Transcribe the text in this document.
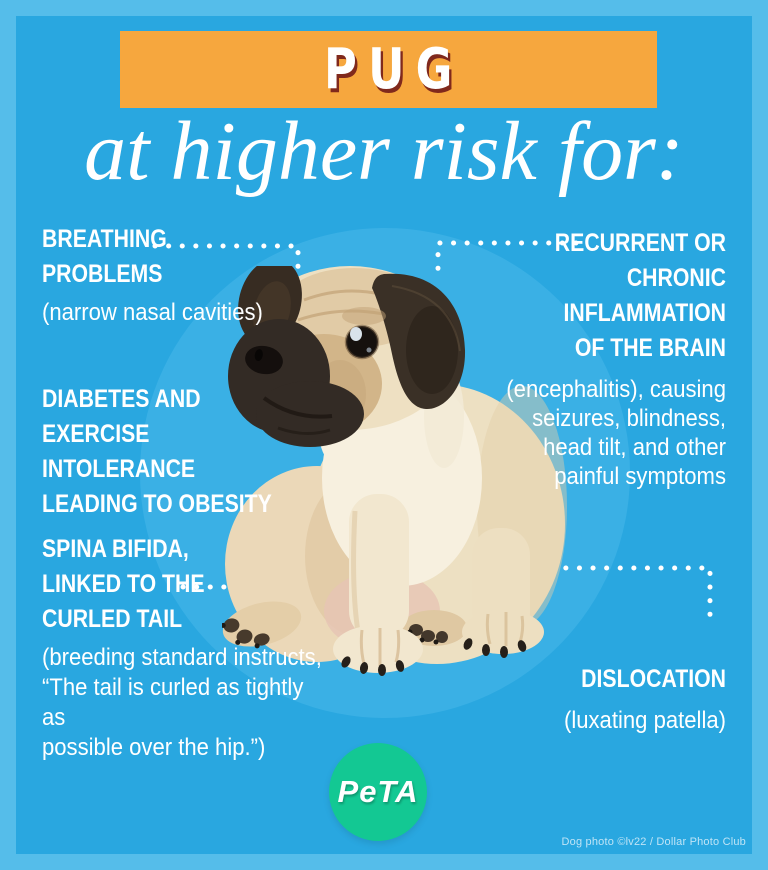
PUG
at higher risk for:
BREATHING
PROBLEMS
(narrow nasal cavities)
DIABETES AND
EXERCISE INTOLERANCE
LEADING TO OBESITY
SPINA BIFIDA,
LINKED TO THE
CURLED TAIL
(breeding standard instructs,
“The tail is curled as tightly as
possible over the hip.”)
RECURRENT OR
CHRONIC
INFLAMMATION
OF THE BRAIN
(encephalitis), causing
seizures, blindness,
head tilt, and other
painful symptoms
DISLOCATION
(luxating patella)
PeTA
Dog photo ©lv22 / Dollar Photo Club
